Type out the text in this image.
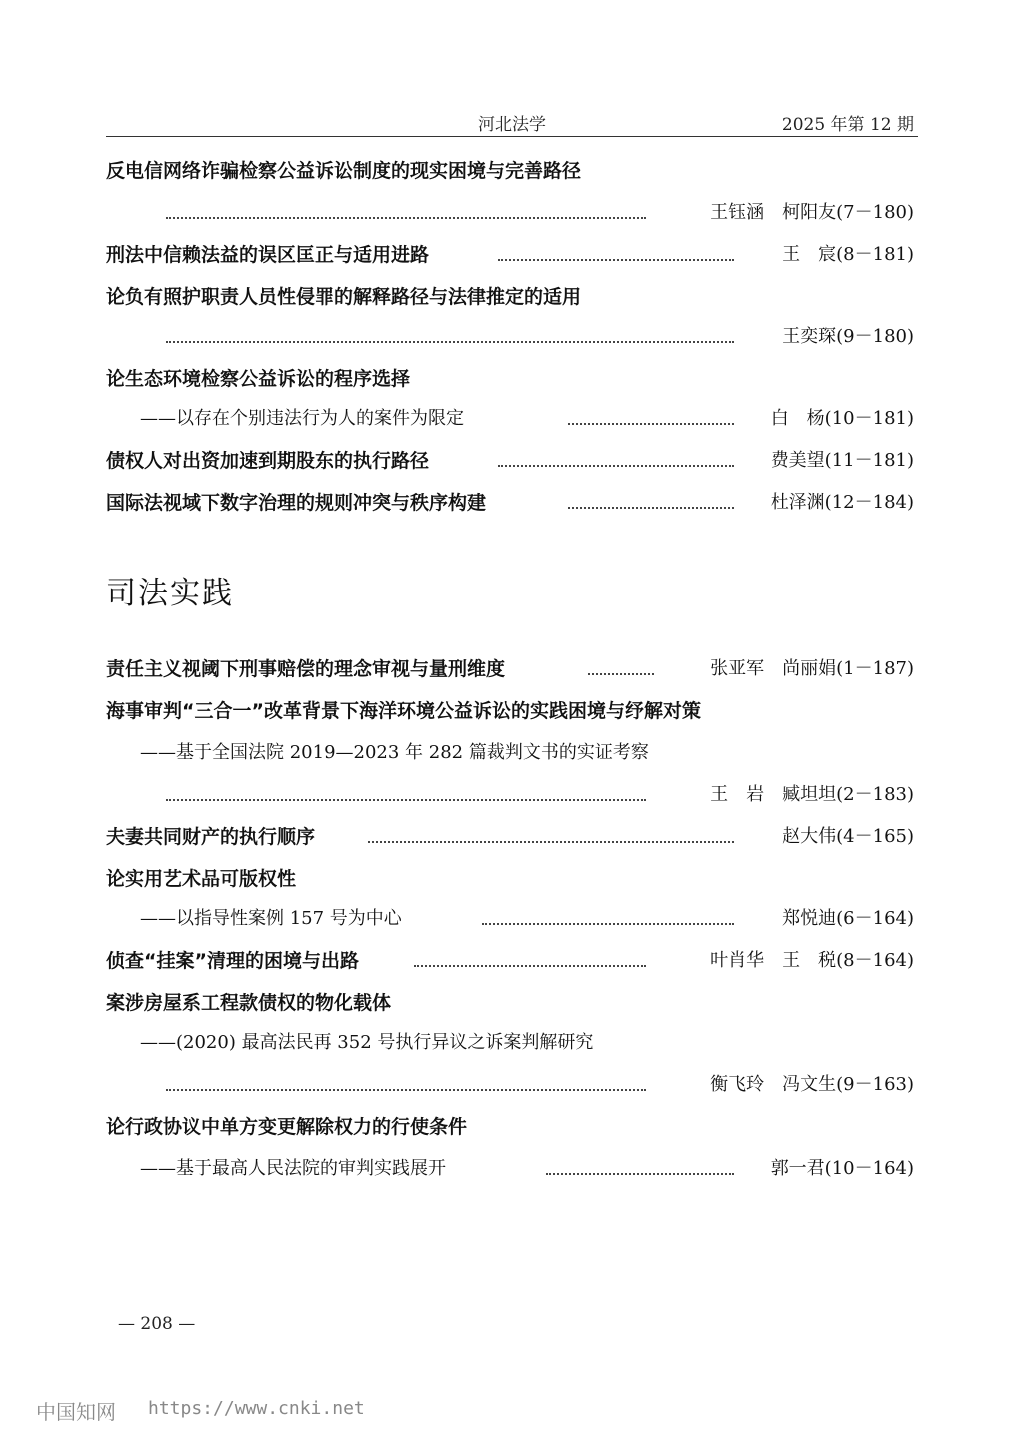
河北法学	2025 年第 12 期
反电信网络诈骗检察公益诉讼制度的现实困境与完善路径
王钰涵　柯阳友(7－180)
刑法中信赖法益的误区匡正与适用进路	王　宸(8－181)
论负有照护职责人员性侵罪的解释路径与法律推定的适用
王奕琛(9－180)
论生态环境检察公益诉讼的程序选择
——以存在个别违法行为人的案件为限定	白　杨(10－181)
债权人对出资加速到期股东的执行路径	费美望(11－181)
国际法视域下数字治理的规则冲突与秩序构建	杜泽渊(12－184)
司法实践
责任主义视阈下刑事赔偿的理念审视与量刑维度	张亚军　尚丽娟(1－187)
海事审判“三合一”改革背景下海洋环境公益诉讼的实践困境与纾解对策
——基于全国法院 2019—2023 年 282 篇裁判文书的实证考察
王　岩　臧坦坦(2－183)
夫妻共同财产的执行顺序	赵大伟(4－165)
论实用艺术品可版权性
——以指导性案例 157 号为中心	郑悦迪(6－164)
侦查“挂案”清理的困境与出路	叶肖华　王　税(8－164)
案涉房屋系工程款债权的物化载体
——(2020) 最高法民再 352 号执行异议之诉案判解研究
衡飞玲　冯文生(9－163)
论行政协议中单方变更解除权力的行使条件
——基于最高人民法院的审判实践展开	郭一君(10－164)
— 208 —
中国知网 https://www.cnki.net
